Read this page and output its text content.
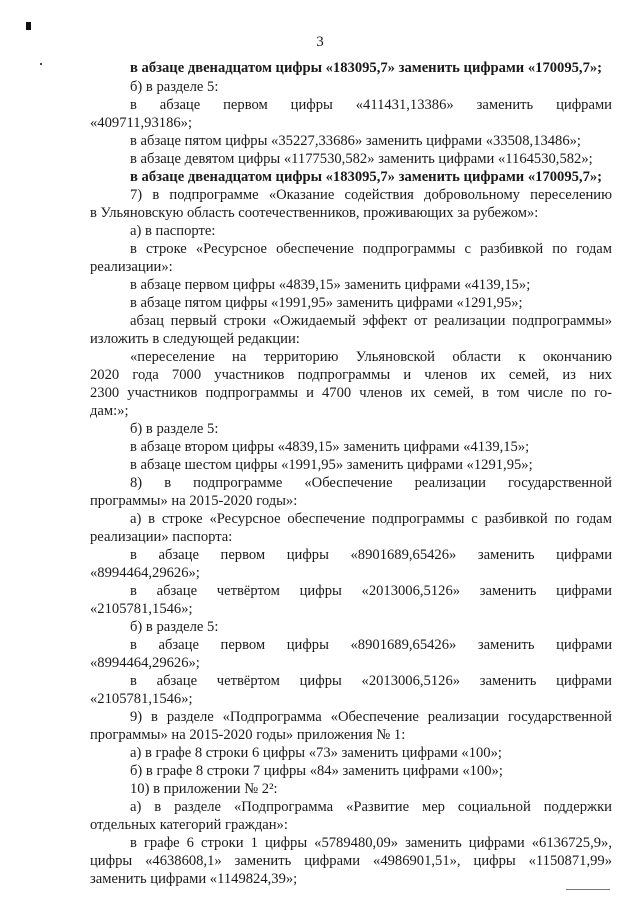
3
в абзаце двенадцатом цифры «183095,7» заменить цифрами «170095,7»;
б) в разделе 5:
в абзаце первом цифры «411431,13386» заменить цифрами
«409711,93186»;
в абзаце пятом цифры «35227,33686» заменить цифрами «33508,13486»;
в абзаце девятом цифры «1177530,582» заменить цифрами «1164530,582»;
в абзаце двенадцатом цифры «183095,7» заменить цифрами «170095,7»;
7) в подпрограмме «Оказание содействия добровольному переселению
в Ульяновскую область соотечественников, проживающих за рубежом»:
а) в паспорте:
в строке «Ресурсное обеспечение подпрограммы с разбивкой по годам
реализации»:
в абзаце первом цифры «4839,15» заменить цифрами «4139,15»;
в абзаце пятом цифры «1991,95» заменить цифрами «1291,95»;
абзац первый строки «Ожидаемый эффект от реализации подпрограммы»
изложить в следующей редакции:
«переселение на территорию Ульяновской области к окончанию
2020 года 7000 участников подпрограммы и членов их семей, из них
2300 участников подпрограммы и 4700 членов их семей, в том числе по го-
дам:»;
б) в разделе 5:
в абзаце втором цифры «4839,15» заменить цифрами «4139,15»;
в абзаце шестом цифры «1991,95» заменить цифрами «1291,95»;
8) в подпрограмме «Обеспечение реализации государственной
программы» на 2015-2020 годы»:
а) в строке «Ресурсное обеспечение подпрограммы с разбивкой по годам
реализации» паспорта:
в абзаце первом цифры «8901689,65426» заменить цифрами
«8994464,29626»;
в абзаце четвёртом цифры «2013006,5126» заменить цифрами
«2105781,1546»;
б) в разделе 5:
в абзаце первом цифры «8901689,65426» заменить цифрами
«8994464,29626»;
в абзаце четвёртом цифры «2013006,5126» заменить цифрами
«2105781,1546»;
9) в разделе «Подпрограмма «Обеспечение реализации государственной
программы» на 2015-2020 годы» приложения № 1:
а) в графе 8 строки 6 цифры «73» заменить цифрами «100»;
б) в графе 8 строки 7 цифры «84» заменить цифрами «100»;
10) в приложении № 2²:
а) в разделе «Подпрограмма «Развитие мер социальной поддержки
отдельных категорий граждан»:
в графе 6 строки 1 цифры «5789480,09» заменить цифрами «6136725,9»,
цифры «4638608,1» заменить цифрами «4986901,51», цифры «1150871,99»
заменить цифрами «1149824,39»;
